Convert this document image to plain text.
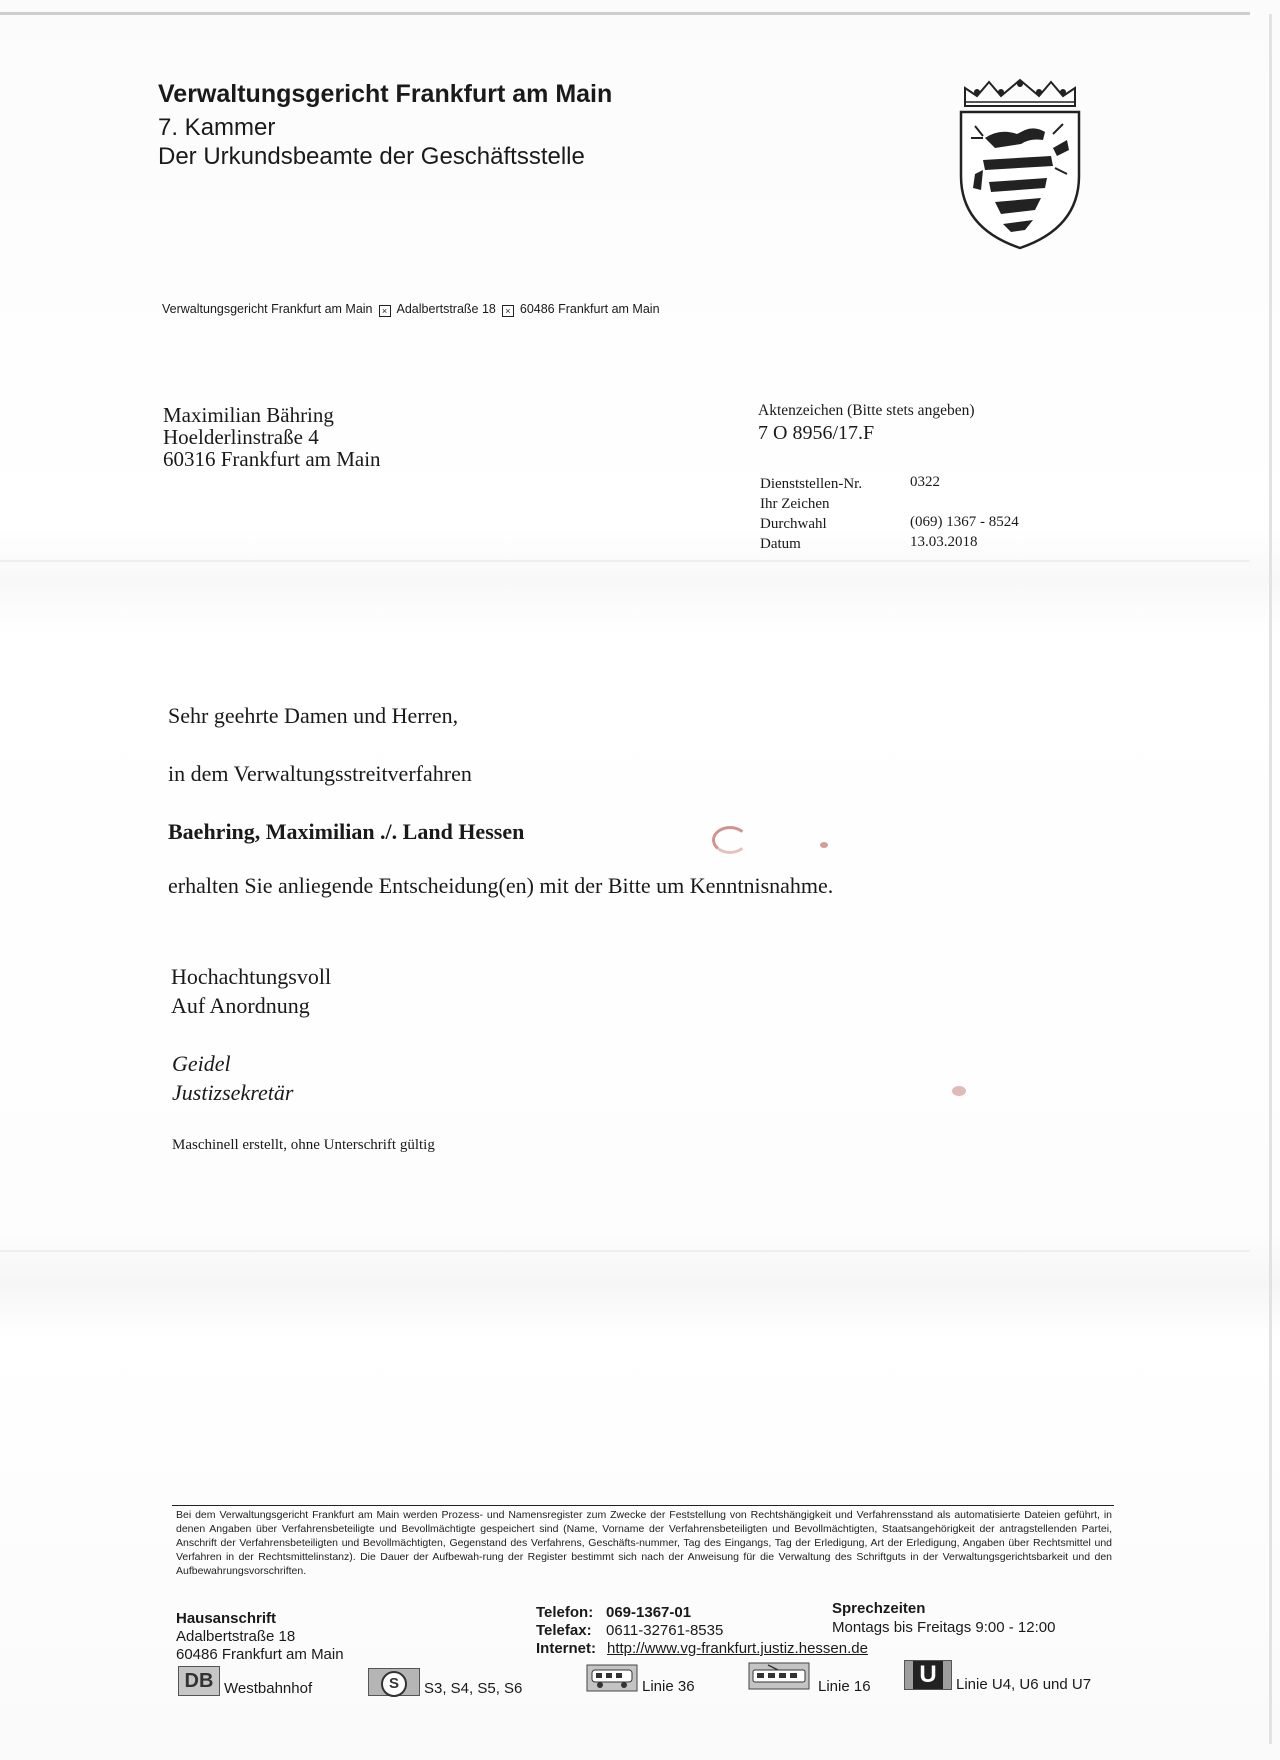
Verwaltungsgericht Frankfurt am Main
7. Kammer
Der Urkundsbeamte der Geschäftsstelle
Verwaltungsgericht Frankfurt am Main × Adalbertstraße 18 × 60486 Frankfurt am Main
Maximilian Bähring
Hoelderlinstraße 4
60316 Frankfurt am Main
Aktenzeichen (Bitte stets angeben)
7 O 8956/17.F
Dienststellen-Nr.	0322
Ihr Zeichen
Durchwahl	(069) 1367 - 8524
Datum	13.03.2018
Sehr geehrte Damen und Herren,
in dem Verwaltungsstreitverfahren
Baehring, Maximilian ./. Land Hessen
erhalten Sie anliegende Entscheidung(en) mit der Bitte um Kenntnisnahme.
Hochachtungsvoll
Auf Anordnung
Geidel
Justizsekretär
Maschinell erstellt, ohne Unterschrift gültig
Bei dem Verwaltungsgericht Frankfurt am Main werden Prozess- und Namensregister zum Zwecke der Feststellung von Rechtshängigkeit und Verfahrensstand als automatisierte Dateien geführt, in denen Angaben über Verfahrensbeteiligte und Bevollmächtigte gespeichert sind (Name, Vorname der Verfahrensbeteiligten und Bevollmächtigten, Staatsangehörigkeit der antragstellenden Partei, Anschrift der Verfahrensbeteiligten und Bevollmächtigten, Gegenstand des Verfahrens, Geschäfts-nummer, Tag des Eingangs, Tag der Erledigung, Art der Erledigung, Angaben über Rechtsmittel und Verfahren in der Rechtsmittelinstanz). Die Dauer der Aufbewah-rung der Register bestimmt sich nach der Anweisung für die Verwaltung des Schriftguts in der Verwaltungsgerichtsbarkeit und den Aufbewahrungsvorschriften.
Hausanschrift
Adalbertstraße 18
60486 Frankfurt am Main
Telefon: 069-1367-01
Telefax: 0611-32761-8535
Internet: http://www.vg-frankfurt.justiz.hessen.de
Sprechzeiten
Montags bis Freitags 9:00 - 12:00
DB Westbahnhof	S	S3, S4, S5, S6	Linie 36	Linie 16	U	Linie U4, U6 und U7
